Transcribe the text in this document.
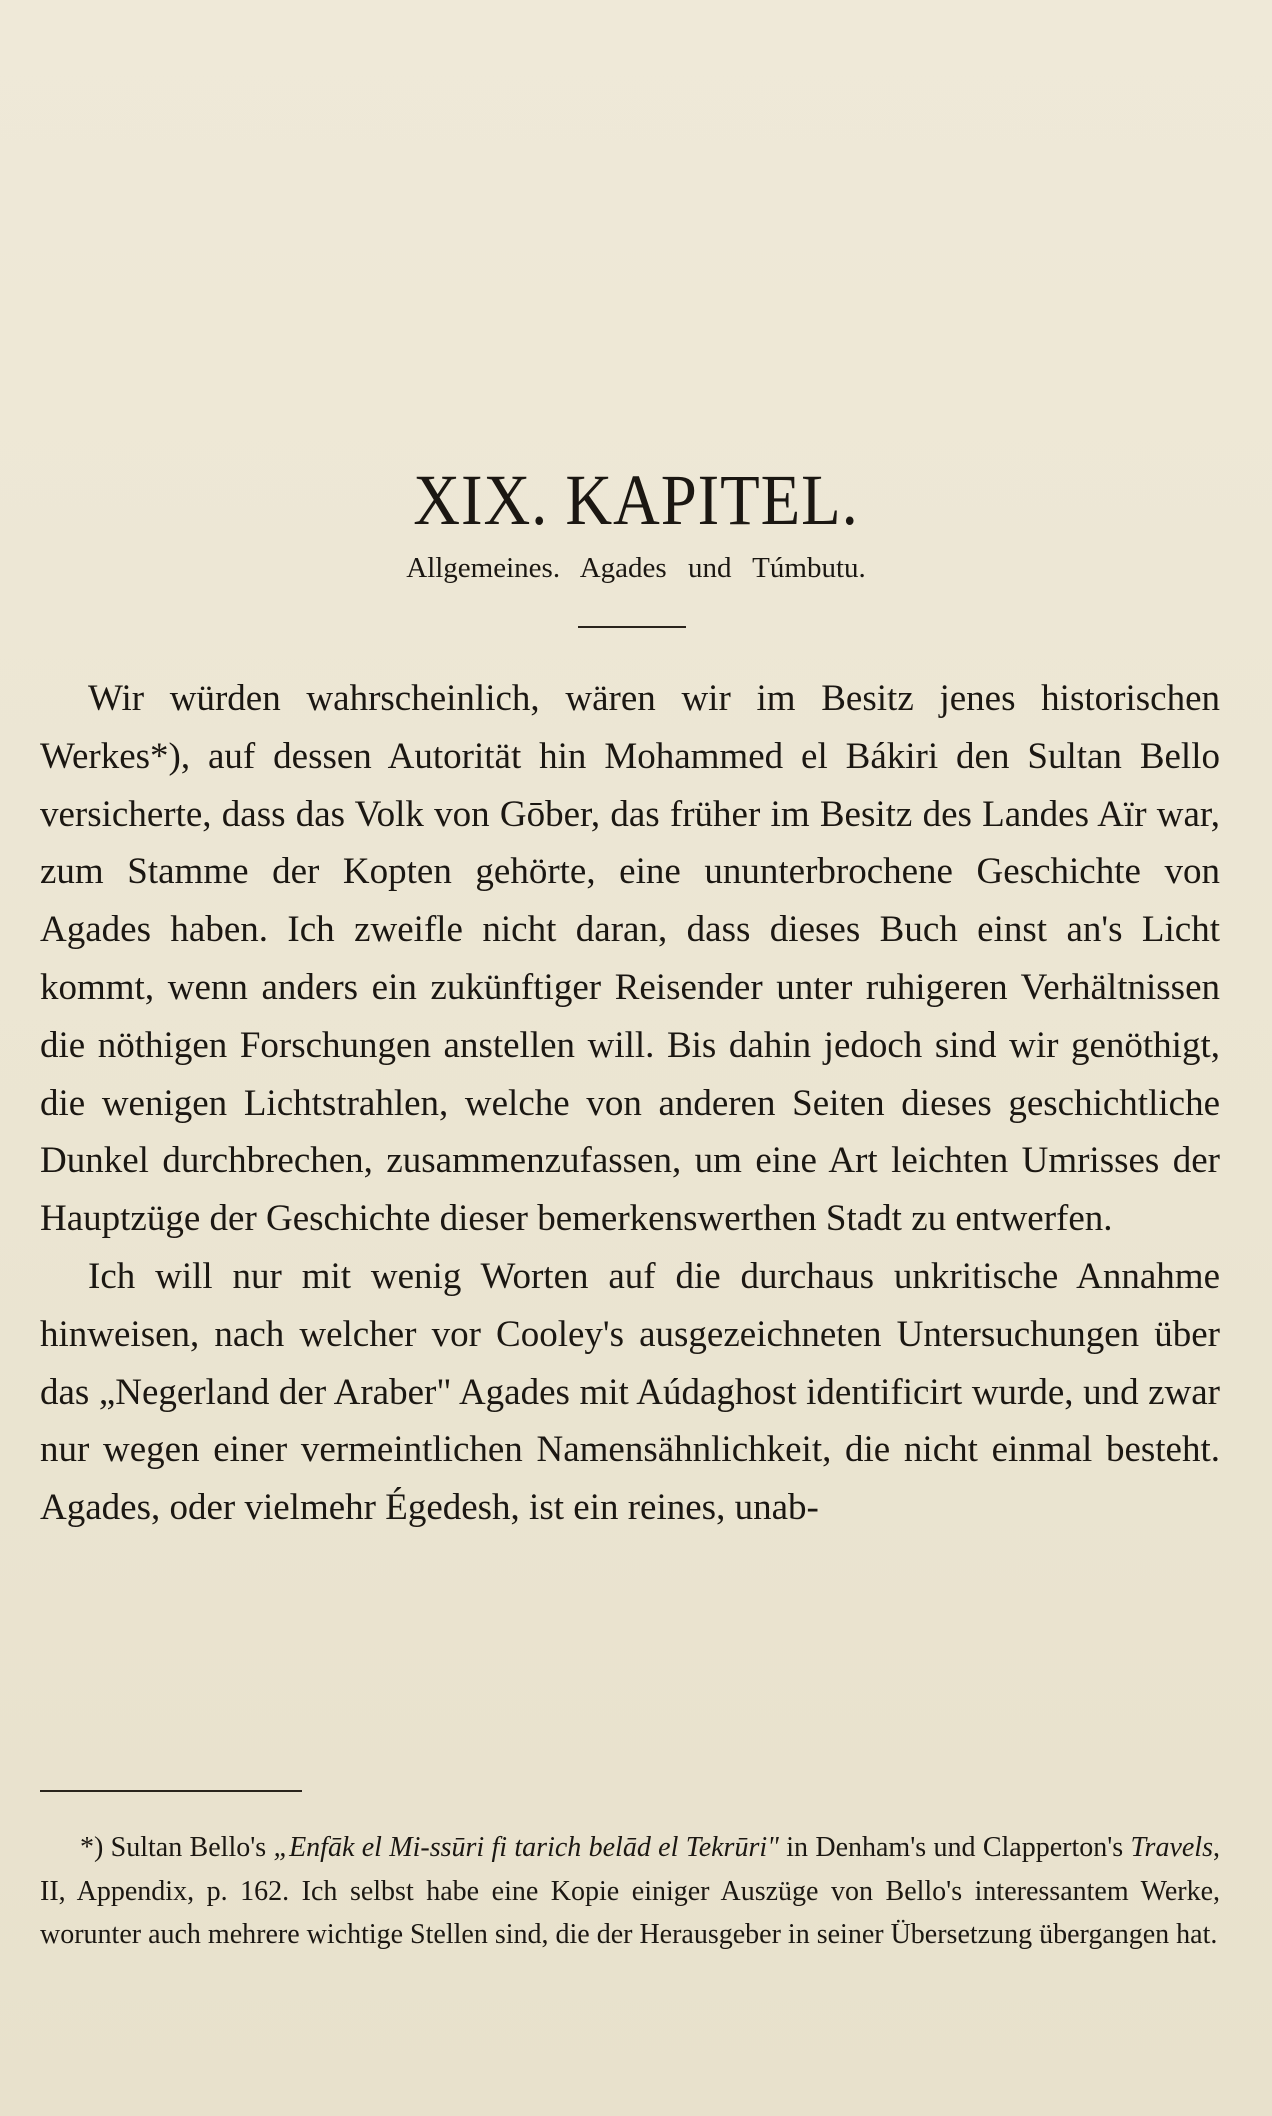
XIX. KAPITEL.
Allgemeines. Agades und Túmbutu.

Wir würden wahrscheinlich, wären wir im Besitz jenes historischen Werkes*), auf dessen Autorität hin Mohammed el Bákiri den Sultan Bello versicherte, dass das Volk von Gōber, das früher im Besitz des Landes Aïr war, zum Stamme der Kopten gehörte, eine ununterbrochene Geschichte von Agades haben. Ich zweifle nicht daran, dass dieses Buch einst an's Licht kommt, wenn anders ein zukünftiger Reisender unter ruhigeren Verhältnissen die nöthigen Forschungen anstellen will. Bis dahin jedoch sind wir genöthigt, die wenigen Lichtstrahlen, welche von anderen Seiten dieses geschichtliche Dunkel durchbrechen, zusammenzufassen, um eine Art leichten Umrisses der Hauptzüge der Geschichte dieser bemerkenswerthen Stadt zu entwerfen.

Ich will nur mit wenig Worten auf die durchaus unkritische Annahme hinweisen, nach welcher vor Cooley's ausgezeichneten Untersuchungen über das „Negerland der Araber" Agades mit Aúdaghost identificirt wurde, und zwar nur wegen einer vermeintlichen Namensähnlichkeit, die nicht einmal besteht. Agades, oder vielmehr Égedesh, ist ein reines, unab-

*) Sultan Bello's „Enfāk el Mi-ssūri fi tarich belād el Tekrūri" in Denham's und Clapperton's Travels, II, Appendix, p. 162. Ich selbst habe eine Kopie einiger Auszüge von Bello's interessantem Werke, worunter auch mehrere wichtige Stellen sind, die der Herausgeber in seiner Übersetzung übergangen hat.
